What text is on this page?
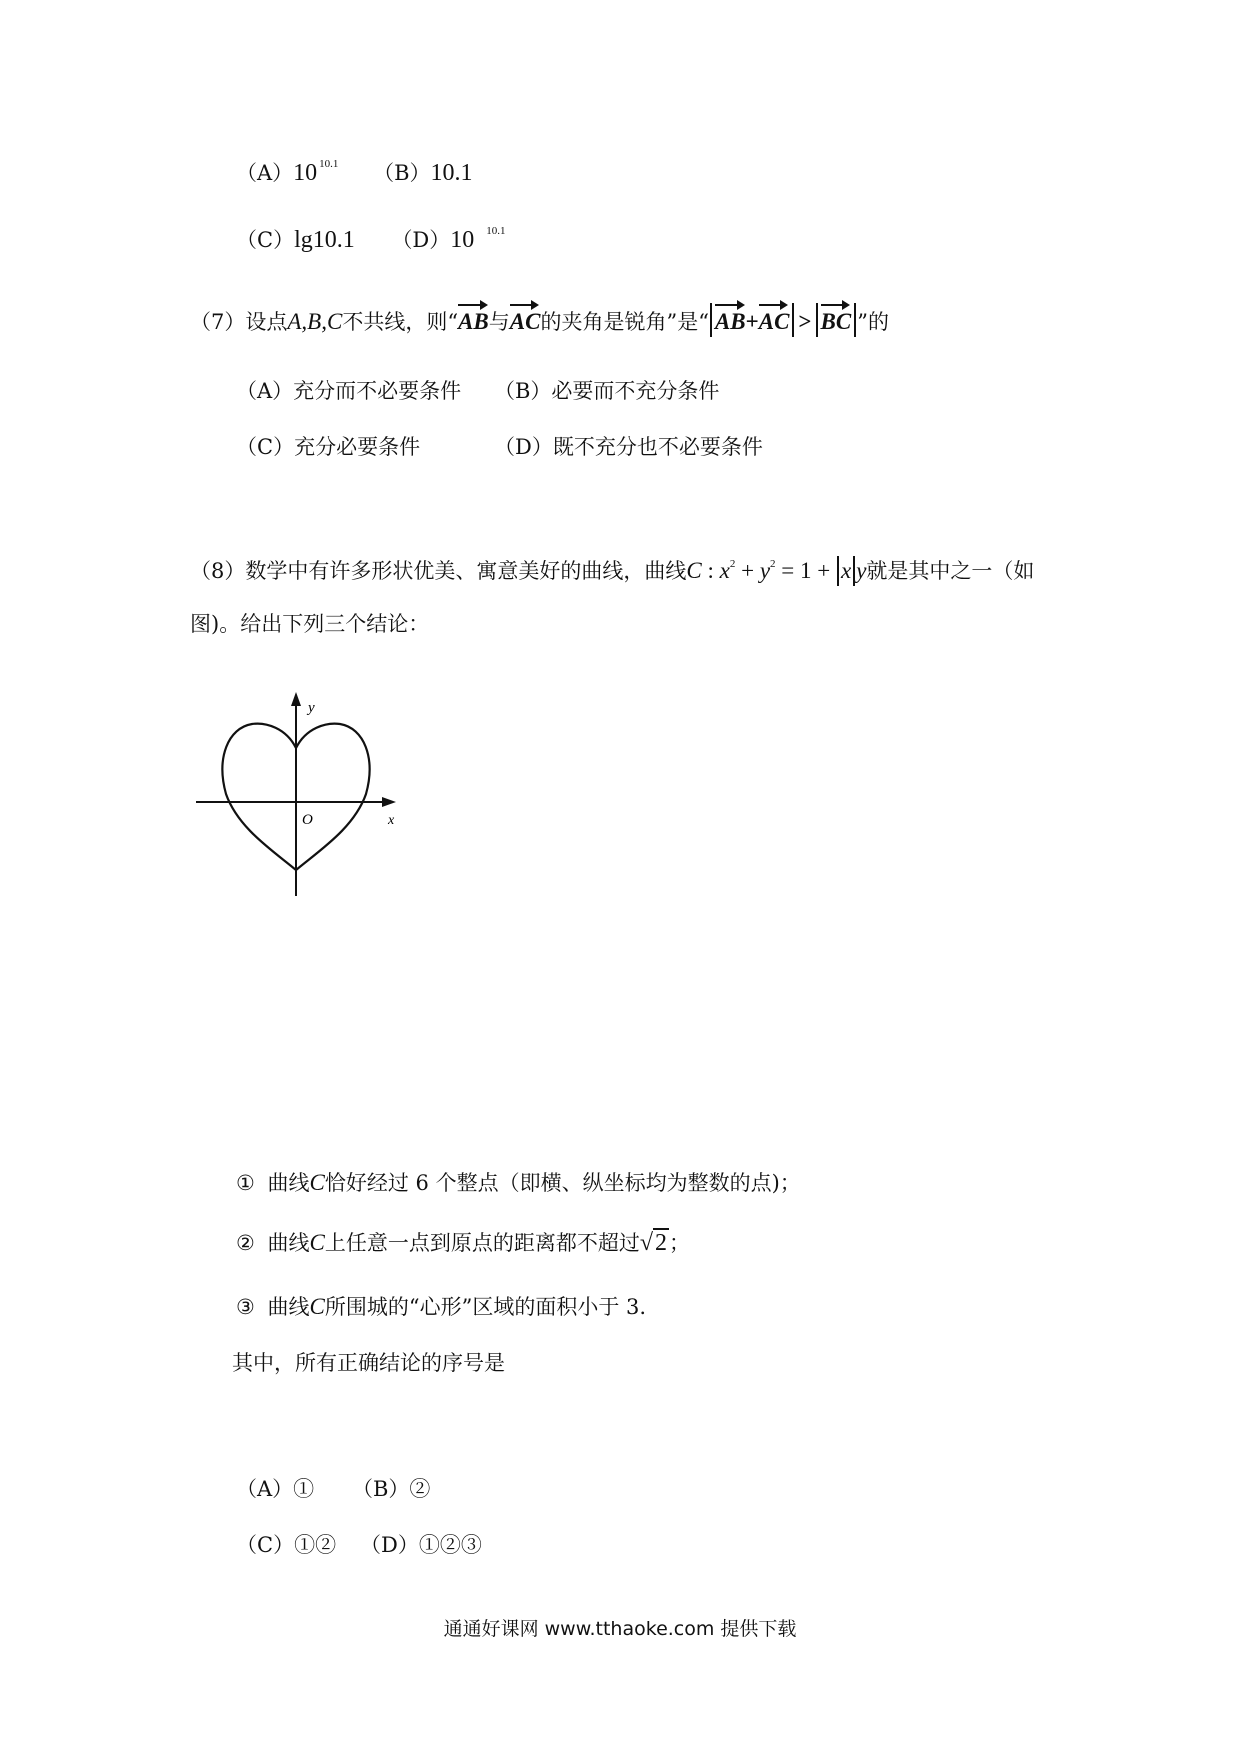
（A）10 $^{10.1}$ （B）10.1
（C）lg10.1 （D）10 $^{10.1}$
（7）设点A,B,C不共线，则“AB与AC的夹角是锐角”是“ AB+AC > BC ”的
（A）充分而不必要条件 （B）必要而不充分条件
（C）充分必要条件	（D）既不充分也不必要条件
（8）数学中有许多形状优美、寓意美好的曲线，曲线C : $x^2 + y^2 = 1 + x$ y就是其中之一（如
图)。给出下列三个结论：
y
x
O
① 曲线C恰好经过 6 个整点（即横、纵坐标均为整数的点)；
② 曲线C上任意一点到原点的距离都不超过√2；
③ 曲线C所围城的“心形”区域的面积小于 3.
其中，所有正确结论的序号是
（A）① （B）②
（C）①② （D）①②③
通通好课网 www.tthaoke.com 提供下载
